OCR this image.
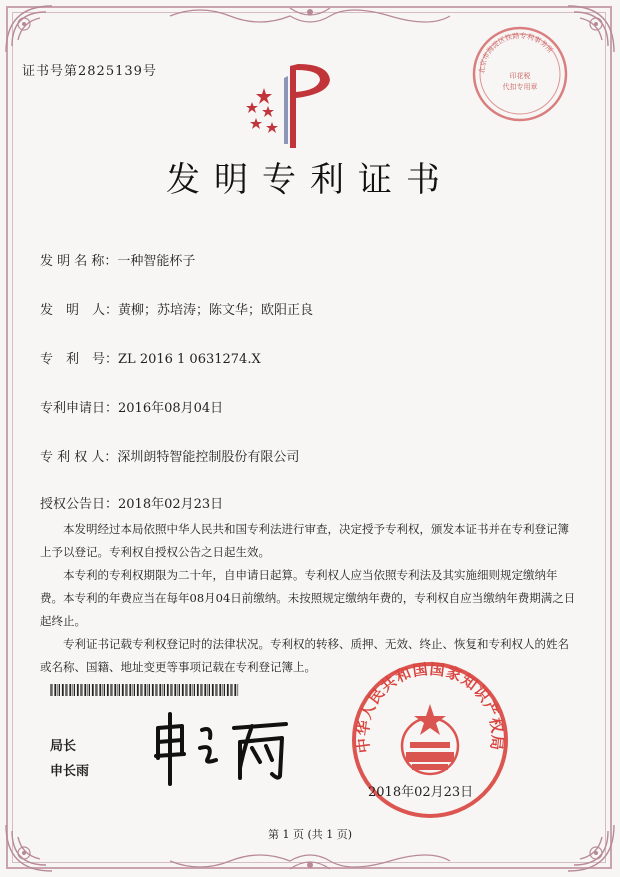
证书号第2825139号	北京市海淀区铁路专利事务所
印花税
代扣专用章
发明专利证书
发 明 名 称：一种智能杯子
发　明　人：黄柳；苏培涛；陈文华；欧阳正良
专　利　号：ZL 2016 1 0631274.X
专利申请日：2016年08月04日
专 利 权 人：深圳朗特智能控制股份有限公司
授权公告日：2018年02月23日

本发明经过本局依照中华人民共和国专利法进行审查，决定授予专利权，颁发本证书并在专利登记簿上予以登记。专利权自授权公告之日起生效。

本专利的专利权期限为二十年，自申请日起算。专利权人应当依照专利法及其实施细则规定缴纳年费。本专利的年费应当在每年08月04日前缴纳。未按照规定缴纳年费的，专利权自应当缴纳年费期满之日起终止。

专利证书记载专利权登记时的法律状况。专利权的转移、质押、无效、终止、恢复和专利权人的姓名或名称、国籍、地址变更等事项记载在专利登记簿上。

局长
申长雨
中华人民共和国国家知识产权局
2018年02月23日
第 1 页 (共 1 页)
